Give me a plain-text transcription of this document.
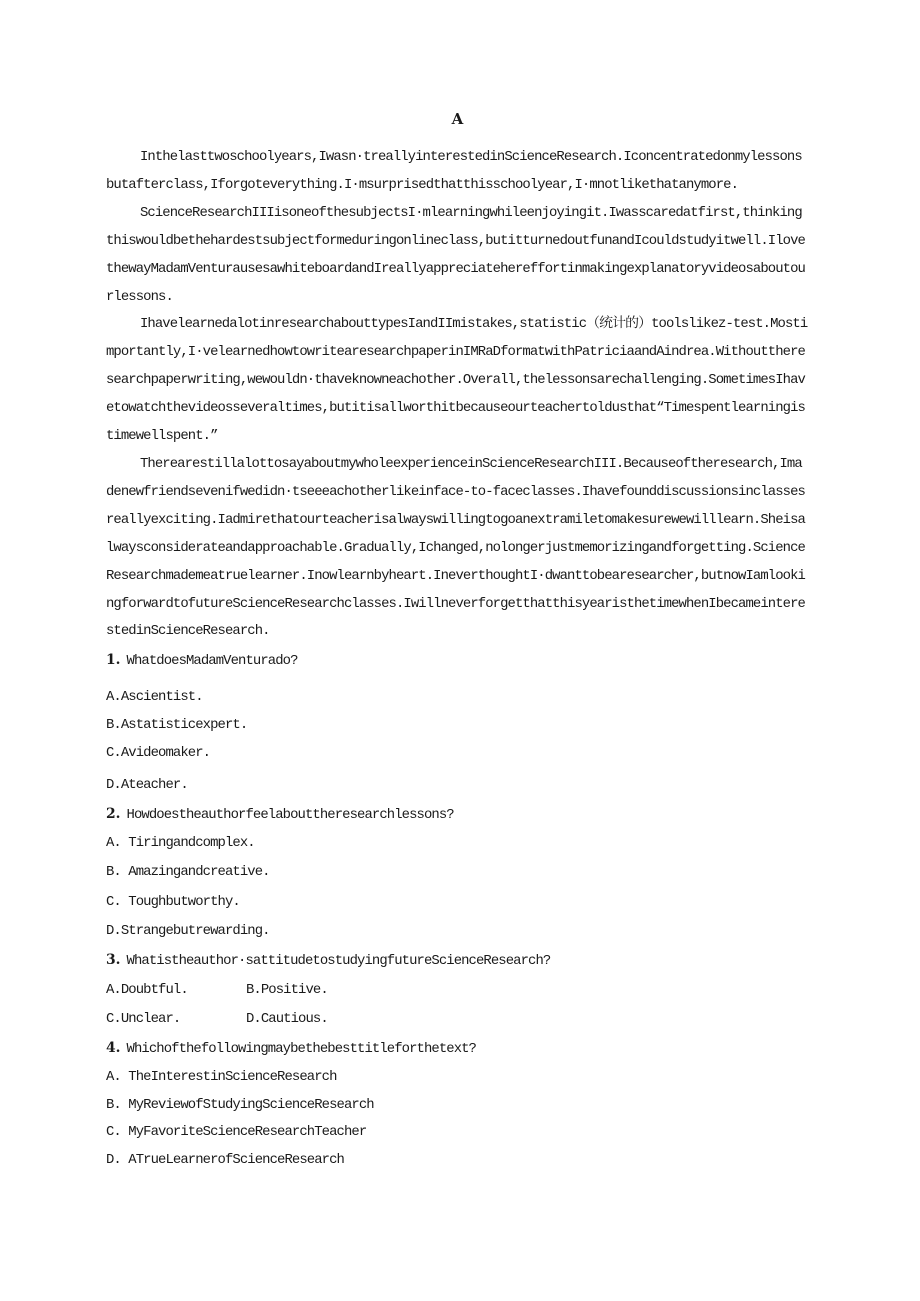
A

Inthelasttwoschoolyears,Iwasn·treallyinterestedinScienceResearch.Iconcentratedonmylessonsbutafterclass,Iforgoteverything.I·msurprisedthatthisschoolyear,I·mnotlikethatanymore.

ScienceResearchIIIisoneofthesubjectsI·mlearningwhileenjoyingit.Iwasscaredatfirst,thinkingthiswouldbethehardestsubjectformeduringonlineclass,butitturnedoutfunandIcouldstudyitwell.IlovethewayMadamVenturausesawhiteboardandIreallyappreciatehereffortinmakingexplanatoryvideosaboutourlessons.

IhavelearnedalotinresearchabouttypesIandIImistakes,statistic（统计的）toolslikez-test.Mostimportantly,I·velearnedhowtowritearesearchpaperinIMRaDformatwithPatriciaandAindrea.Withouttheresearchpaperwriting,wewouldn·thaveknowneachother.Overall,thelessonsarechallenging.SometimesIhavetowatchthevideosseveraltimes,butitisallworthitbecauseourteachertoldusthat“Timespentlearningistimewellspent.”

TherearestillalottosayaboutmywholeexperienceinScienceResearchIII.Becauseoftheresearch,Imadenewfriendsevenifwedidn·tseeeachotherlikeinface-to-faceclasses.Ihavefounddiscussionsinclassesreallyexciting.Iadmirethatourteacherisalwayswillingtogoanextramiletomakesurewewilllearn.Sheisalwaysconsiderateandapproachable.Gradually,Ichanged,nolongerjustmemorizingandforgetting.ScienceResearchmademeatruelearner.Inowlearnbyheart.IneverthoughtI·dwanttobearesearcher,butnowIamlookingforwardtofutureScienceResearchclasses.IwillneverforgetthatthisyearisthetimewhenIbecameinterestedinScienceResearch.

1. WhatdoesMadamVenturado?
A.Ascientist.
B.Astatisticexpert.
C.Avideomaker.
D.Ateacher.
2. Howdoestheauthorfeelabouttheresearchlessons?
A. Tiringandcomplex.
B. Amazingandcreative.
C. Toughbutworthy.
D.Strangebutrewarding.
3. Whatistheauthor·sattitudetostudyingfutureScienceResearch?
A.Doubtful.	B.Positive.
C.Unclear.	D.Cautious.
4. Whichofthefollowingmaybethebesttitleforthetext?
A. TheInterestinScienceResearch
B. MyReviewofStudyingScienceResearch
C. MyFavoriteScienceResearchTeacher
D. ATrueLearnerofScienceResearch
